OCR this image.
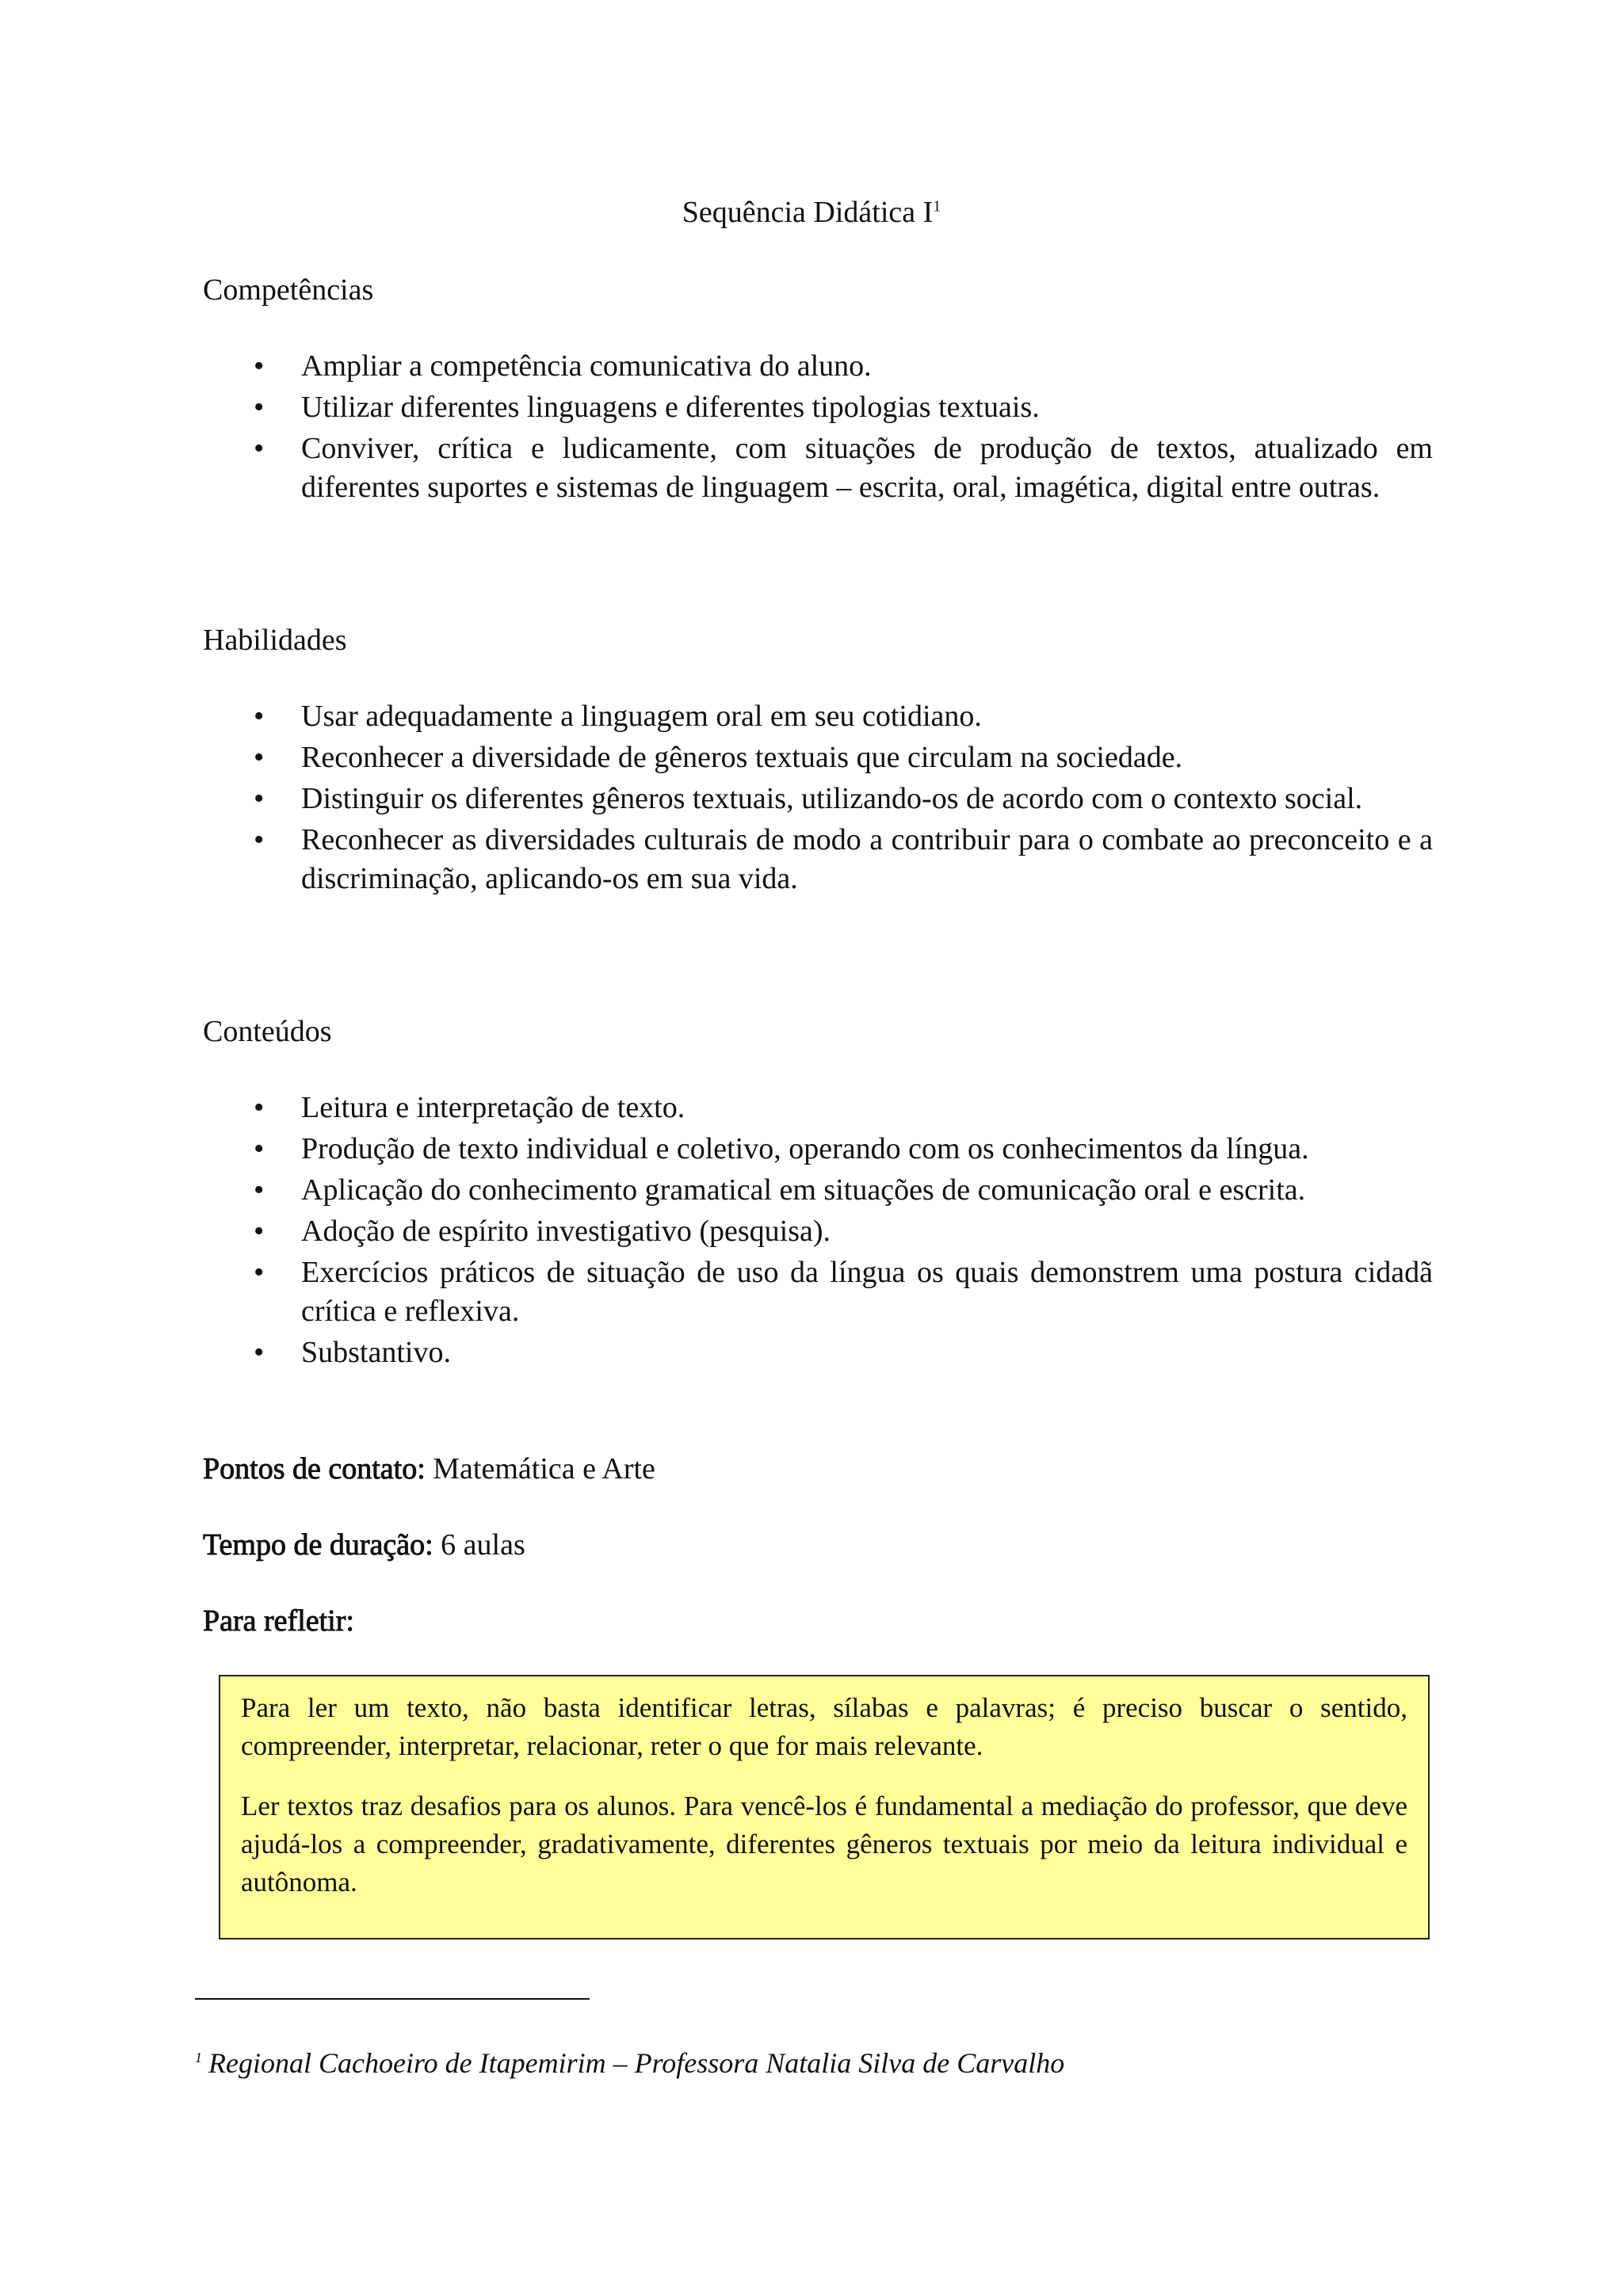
Sequência Didática $I^1$
Competências
• Ampliar a competência comunicativa do aluno.
• Utilizar diferentes linguagens e diferentes tipologias textuais.
• Conviver, crítica e ludicamente, com situações de produção de textos, atualizado em diferentes suportes e sistemas de linguagem – escrita, oral, imagética, digital entre outras.
Habilidades
• Usar adequadamente a linguagem oral em seu cotidiano.
• Reconhecer a diversidade de gêneros textuais que circulam na sociedade.
• Distinguir os diferentes gêneros textuais, utilizando-os de acordo com o contexto social.
• Reconhecer as diversidades culturais de modo a contribuir para o combate ao preconceito e a discriminação, aplicando-os em sua vida.
Conteúdos
• Leitura e interpretação de texto.
• Produção de texto individual e coletivo, operando com os conhecimentos da língua.
• Aplicação do conhecimento gramatical em situações de comunicação oral e escrita.
• Adoção de espírito investigativo (pesquisa).
• Exercícios práticos de situação de uso da língua os quais demonstrem uma postura cidadã crítica e reflexiva.
• Substantivo.
Pontos de contato: Matemática e Arte
Tempo de duração: 6 aulas
Para refletir:

Para ler um texto, não basta identificar letras, sílabas e palavras; é preciso buscar o sentido, compreender, interpretar, relacionar, reter o que for mais relevante.

Ler textos traz desafios para os alunos. Para vencê-los é fundamental a mediação do professor, que deve ajudá-los a compreender, gradativamente, diferentes gêneros textuais por meio da leitura individual e autônoma.

$^1$ Regional Cachoeiro de Itapemirim – Professora Natalia Silva de Carvalho
